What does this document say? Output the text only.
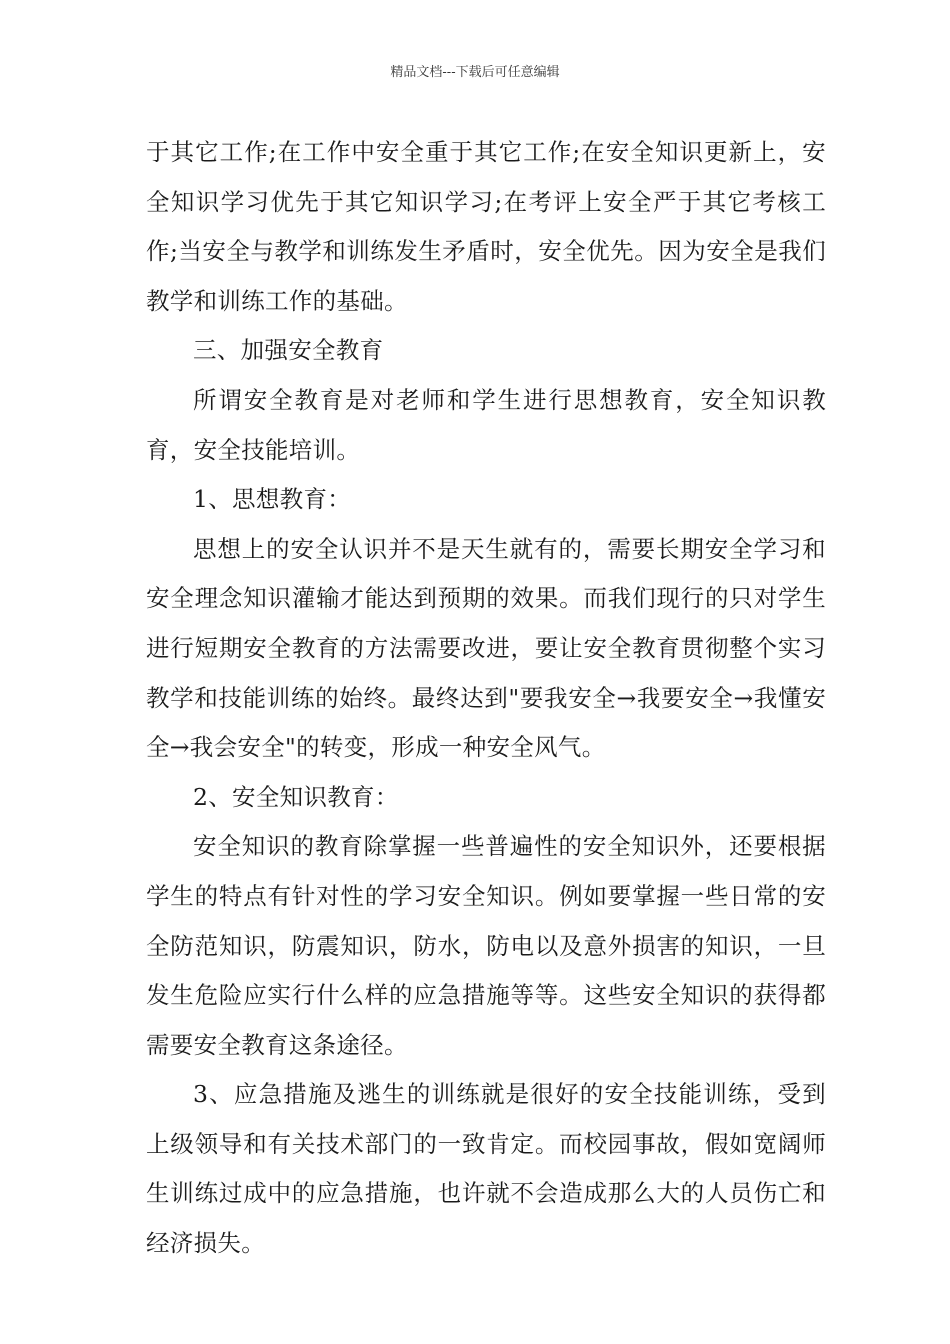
精品文档---下载后可任意编辑

于其它工作;在工作中安全重于其它工作;在安全知识更新上，安全知识学习优先于其它知识学习;在考评上安全严于其它考核工作;当安全与教学和训练发生矛盾时，安全优先。因为安全是我们教学和训练工作的基础。

三、加强安全教育

所谓安全教育是对老师和学生进行思想教育，安全知识教育，安全技能培训。

1、思想教育：

思想上的安全认识并不是天生就有的，需要长期安全学习和安全理念知识灌输才能达到预期的效果。而我们现行的只对学生进行短期安全教育的方法需要改进，要让安全教育贯彻整个实习教学和技能训练的始终。最终达到"要我安全→我要安全→我懂安全→我会安全"的转变，形成一种安全风气。

2、安全知识教育：

安全知识的教育除掌握一些普遍性的安全知识外，还要根据学生的特点有针对性的学习安全知识。例如要掌握一些日常的安全防范知识，防震知识，防水，防电以及意外损害的知识，一旦发生危险应实行什么样的应急措施等等。这些安全知识的获得都需要安全教育这条途径。

3、应急措施及逃生的训练就是很好的安全技能训练，受到上级领导和有关技术部门的一致肯定。而校园事故，假如宽阔师生训练过成中的应急措施，也许就不会造成那么大的人员伤亡和经济损失。
